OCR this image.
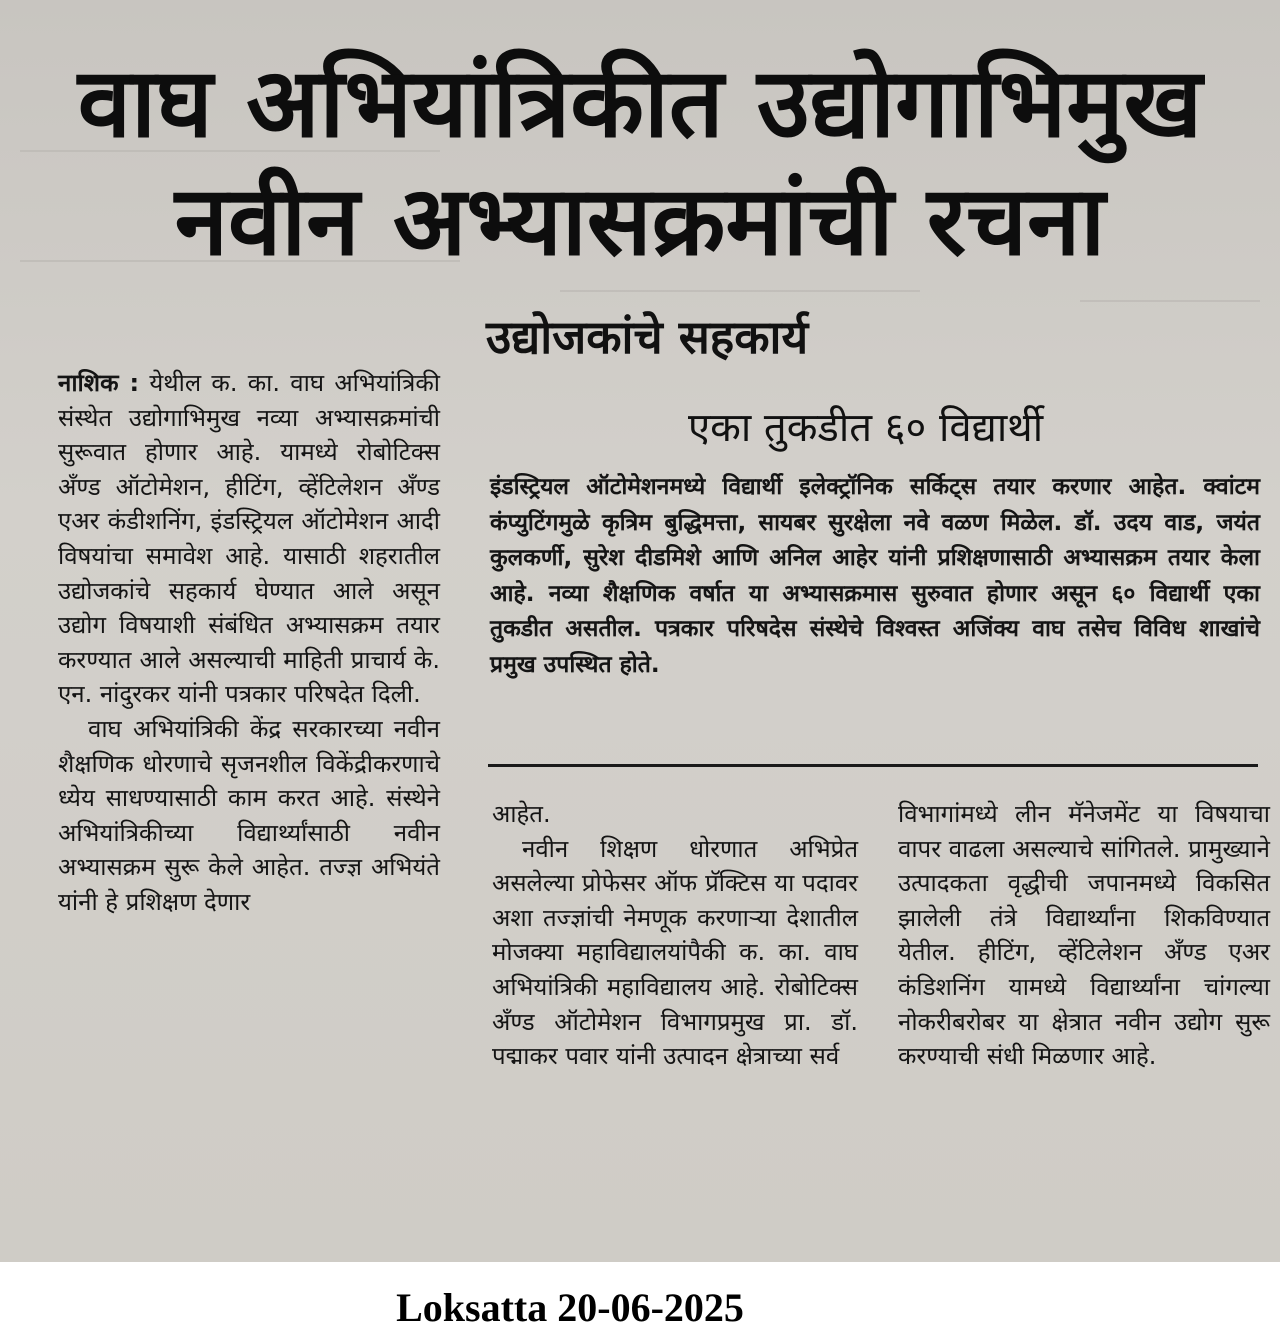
वाघ अभियांत्रिकीत उद्योगाभिमुख
नवीन अभ्यासक्रमांची रचना
उद्योजकांचे सहकार्य
एका तुकडीत ६० विद्यार्थी
इंडस्ट्रियल ऑटोमेशनमध्ये विद्यार्थी इलेक्ट्रॉनिक सर्किट्स तयार करणार आहेत. क्वांटम कंप्युटिंगमुळे कृत्रिम बुद्धिमत्ता, सायबर सुरक्षेला नवे वळण मिळेल. डॉ. उदय वाड, जयंत कुलकर्णी, सुरेश दीडमिशे आणि अनिल आहेर यांनी प्रशिक्षणासाठी अभ्यासक्रम तयार केला आहे. नव्या शैक्षणिक वर्षात या अभ्यासक्रमास सुरुवात होणार असून ६० विद्यार्थी एका तुकडीत असतील. पत्रकार परिषदेस संस्थेचे विश्वस्त अजिंक्य वाघ तसेच विविध शाखांचे प्रमुख उपस्थित होते.

नाशिक : येथील क. का. वाघ अभियांत्रिकी संस्थेत उद्योगाभिमुख नव्या अभ्यासक्रमांची सुरूवात होणार आहे. यामध्ये रोबोटिक्स अँण्ड ऑटोमेशन, हीटिंग, व्हेंटिलेशन अँण्ड एअर कंडीशनिंग, इंडस्ट्रियल ऑटोमेशन आदी विषयांचा समावेश आहे. यासाठी शहरातील उद्योजकांचे सहकार्य घेण्यात आले असून उद्योग विषयाशी संबंधित अभ्यासक्रम तयार करण्यात आले असल्याची माहिती प्राचार्य के. एन. नांदुरकर यांनी पत्रकार परिषदेत दिली.

वाघ अभियांत्रिकी केंद्र सरकारच्या नवीन शैक्षणिक धोरणाचे सृजनशील विकेंद्रीकरणाचे ध्येय साधण्यासाठी काम करत आहे. संस्थेने अभियांत्रिकीच्या विद्यार्थ्यांसाठी नवीन अभ्यासक्रम सुरू केले आहेत. तज्ज्ञ अभियंते यांनी हे प्रशिक्षण देणार

आहेत.

नवीन शिक्षण धोरणात अभिप्रेत असलेल्या प्रोफेसर ऑफ प्रॅक्टिस या पदावर अशा तज्ज्ञांची नेमणूक करणाऱ्या देशातील मोजक्या महाविद्यालयांपैकी क. का. वाघ अभियांत्रिकी महाविद्यालय आहे. रोबोटिक्स अँण्ड ऑटोमेशन विभागप्रमुख प्रा. डॉ. पद्माकर पवार यांनी उत्पादन क्षेत्राच्या सर्व

विभागांमध्ये लीन मॅनेजमेंट या विषयाचा वापर वाढला असल्याचे सांगितले. प्रामुख्याने उत्पादकता वृद्धीची जपानमध्ये विकसित झालेली तंत्रे विद्यार्थ्यांना शिकविण्यात येतील. हीटिंग, व्हेंटिलेशन अँण्ड एअर कंडिशनिंग यामध्ये विद्यार्थ्यांना चांगल्या नोकरीबरोबर या क्षेत्रात नवीन उद्योग सुरू करण्याची संधी मिळणार आहे.

Loksatta 20-06-2025
